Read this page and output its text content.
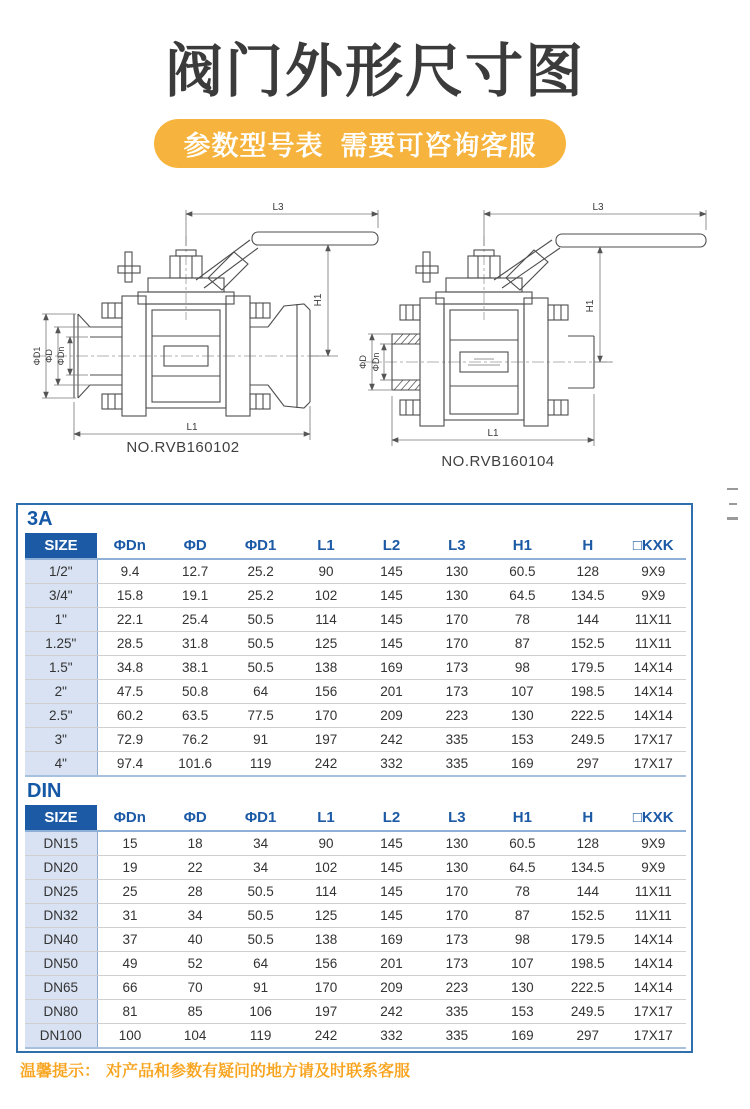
阀门外形尺寸图
参数型号表  需要可咨询客服
L3
H1
L1
ΦD1 ΦD ΦDn
NO.RVB160102
L3
H1
L1
ΦD ΦDn
NO.RVB160104
3A
SIZE	ΦDn	ΦD	ΦD1	L1	L2	L3	H1	H	□KXK
1/2"	9.4	12.7	25.2	90	145	130	60.5	128	9X9
3/4"	15.8	19.1	25.2	102	145	130	64.5	134.5	9X9
1"	22.1	25.4	50.5	114	145	170	78	144	11X11
1.25"	28.5	31.8	50.5	125	145	170	87	152.5	11X11
1.5"	34.8	38.1	50.5	138	169	173	98	179.5	14X14
2"	47.5	50.8	64	156	201	173	107	198.5	14X14
2.5"	60.2	63.5	77.5	170	209	223	130	222.5	14X14
3"	72.9	76.2	91	197	242	335	153	249.5	17X17
4"	97.4	101.6	119	242	332	335	169	297	17X17
DIN
SIZE	ΦDn	ΦD	ΦD1	L1	L2	L3	H1	H	□KXK
DN15	15	18	34	90	145	130	60.5	128	9X9
DN20	19	22	34	102	145	130	64.5	134.5	9X9
DN25	25	28	50.5	114	145	170	78	144	11X11
DN32	31	34	50.5	125	145	170	87	152.5	11X11
DN40	37	40	50.5	138	169	173	98	179.5	14X14
DN50	49	52	64	156	201	173	107	198.5	14X14
DN65	66	70	91	170	209	223	130	222.5	14X14
DN80	81	85	106	197	242	335	153	249.5	17X17
DN100	100	104	119	242	332	335	169	297	17X17
温馨提示： 对产品和参数有疑问的地方请及时联系客服
